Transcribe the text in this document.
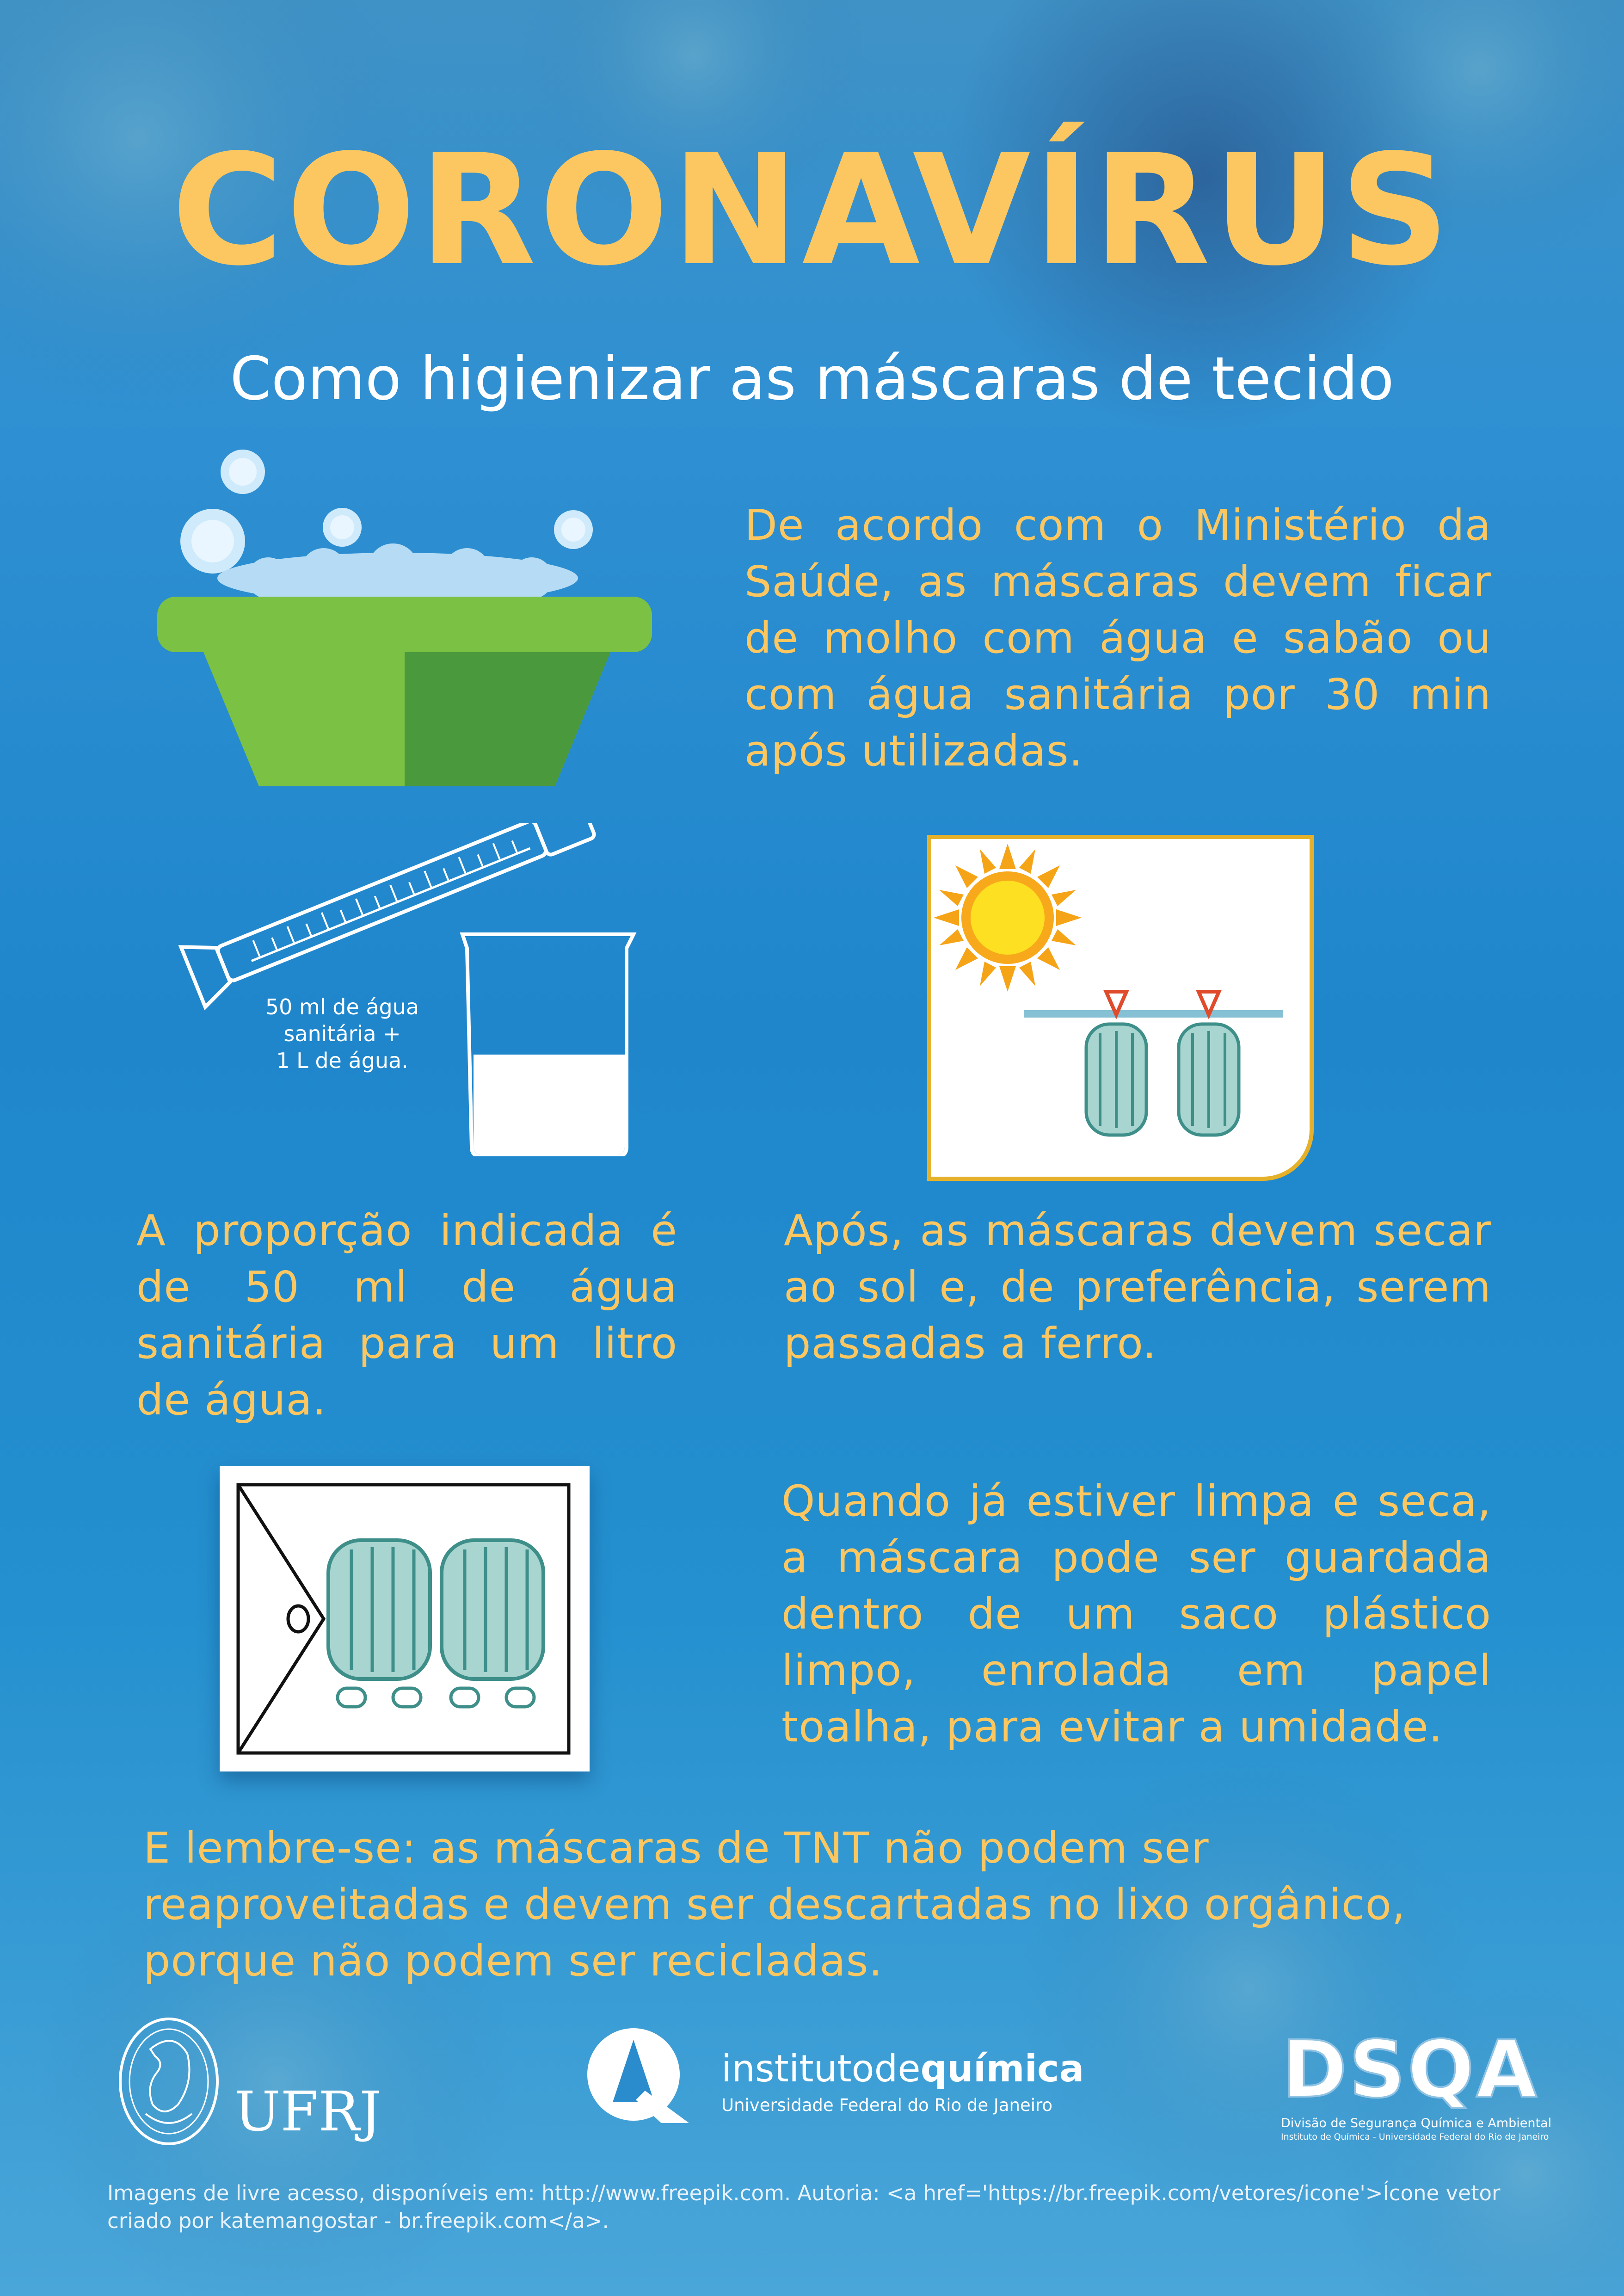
CORONAVÍRUS
Como higienizar as máscaras de tecido
De acordo com o Ministério da Saúde, as máscaras devem ficar de molho com água e sabão ou com água sanitária por 30 min após utilizadas.
50 ml de água
sanitária +
1 L de água.
A proporção indicada é de 50 ml de água sanitária para um litro de água.
Após, as máscaras devem secar ao sol e, de preferência, serem passadas a ferro.
Quando já estiver limpa e seca, a máscara pode ser guardada dentro de um saco plástico limpo, enrolada em papel toalha, para evitar a umidade.
E lembre-se: as máscaras de TNT não podem ser reaproveitadas e devem ser descartadas no lixo orgânico, porque não podem ser recicladas.
UFRJ
institutodequímica
Universidade Federal do Rio de Janeiro	DSQA
Divisão de Segurança Química e Ambiental
Instituto de Química - Universidade Federal do Rio de Janeiro
Imagens de livre acesso, disponíveis em: http://www.freepik.com. Autoria: <a href='https://br.freepik.com/vetores/icone'>Ícone vetor criado por katemangostar - br.freepik.com</a>.
